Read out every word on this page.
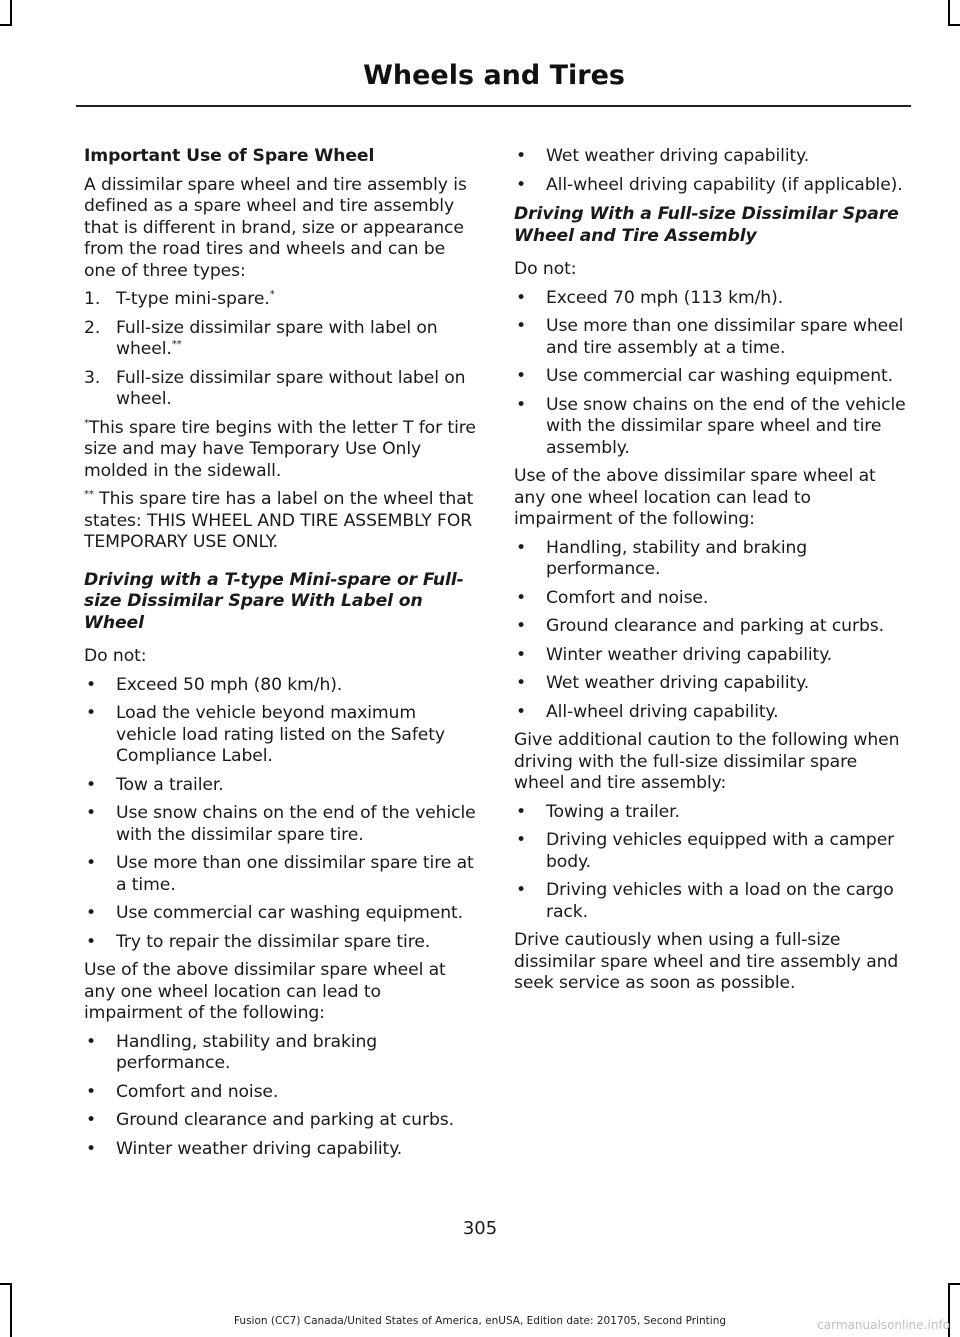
Wheels and Tires

Important Use of Spare Wheel

A dissimilar spare wheel and tire assembly is defined as a spare wheel and tire assembly that is different in brand, size or appearance from the road tires and wheels and can be one of three types:

1. T-type mini-spare.*
2. Full-size dissimilar spare with label on wheel.**
3. Full-size dissimilar spare without label on wheel.

*This spare tire begins with the letter T for tire size and may have Temporary Use Only molded in the sidewall.

** This spare tire has a label on the wheel that states: THIS WHEEL AND TIRE ASSEMBLY FOR TEMPORARY USE ONLY.

Driving with a T-type Mini-spare or Full-size Dissimilar Spare With Label on Wheel

Do not:

• Exceed 50 mph (80 km/h).
• Load the vehicle beyond maximum vehicle load rating listed on the Safety Compliance Label.
• Tow a trailer.
• Use snow chains on the end of the vehicle with the dissimilar spare tire.
• Use more than one dissimilar spare tire at a time.
• Use commercial car washing equipment.
• Try to repair the dissimilar spare tire.

Use of the above dissimilar spare wheel at any one wheel location can lead to impairment of the following:

• Handling, stability and braking performance.
• Comfort and noise.
• Ground clearance and parking at curbs.
• Winter weather driving capability.
• Wet weather driving capability.
• All-wheel driving capability (if applicable).

Driving With a Full-size Dissimilar Spare Wheel and Tire Assembly

Do not:

• Exceed 70 mph (113 km/h).
• Use more than one dissimilar spare wheel and tire assembly at a time.
• Use commercial car washing equipment.
• Use snow chains on the end of the vehicle with the dissimilar spare wheel and tire assembly.

Use of the above dissimilar spare wheel at any one wheel location can lead to impairment of the following:

• Handling, stability and braking performance.
• Comfort and noise.
• Ground clearance and parking at curbs.
• Winter weather driving capability.
• Wet weather driving capability.
• All-wheel driving capability.

Give additional caution to the following when driving with the full-size dissimilar spare wheel and tire assembly:

• Towing a trailer.
• Driving vehicles equipped with a camper body.
• Driving vehicles with a load on the cargo rack.

Drive cautiously when using a full-size dissimilar spare wheel and tire assembly and seek service as soon as possible.

305
Fusion (CC7) Canada/United States of America, enUSA, Edition date: 201705, Second Printing	carmanualsonline.info
